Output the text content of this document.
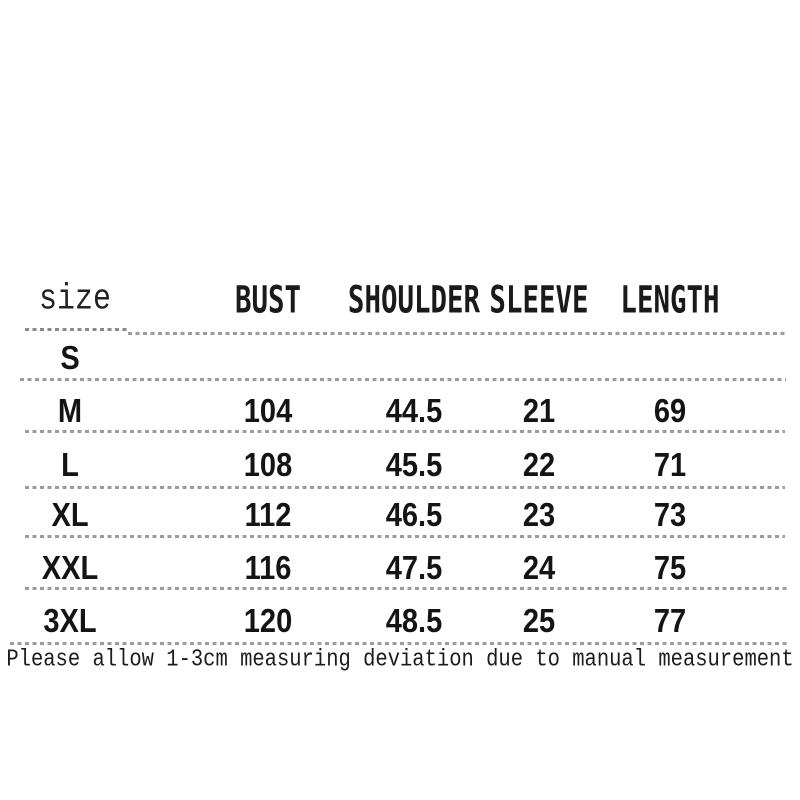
size	BUST SHOULDER SLEEVE LENGTH
S
M	104	44.5 21	69
L	108	45.5 22	71
XL	112	46.5 23	73
XXL	116	47.5 24	75
3XL	120	48.5 25	77
Please allow 1-3cm measuring deviation due to manual measurement
